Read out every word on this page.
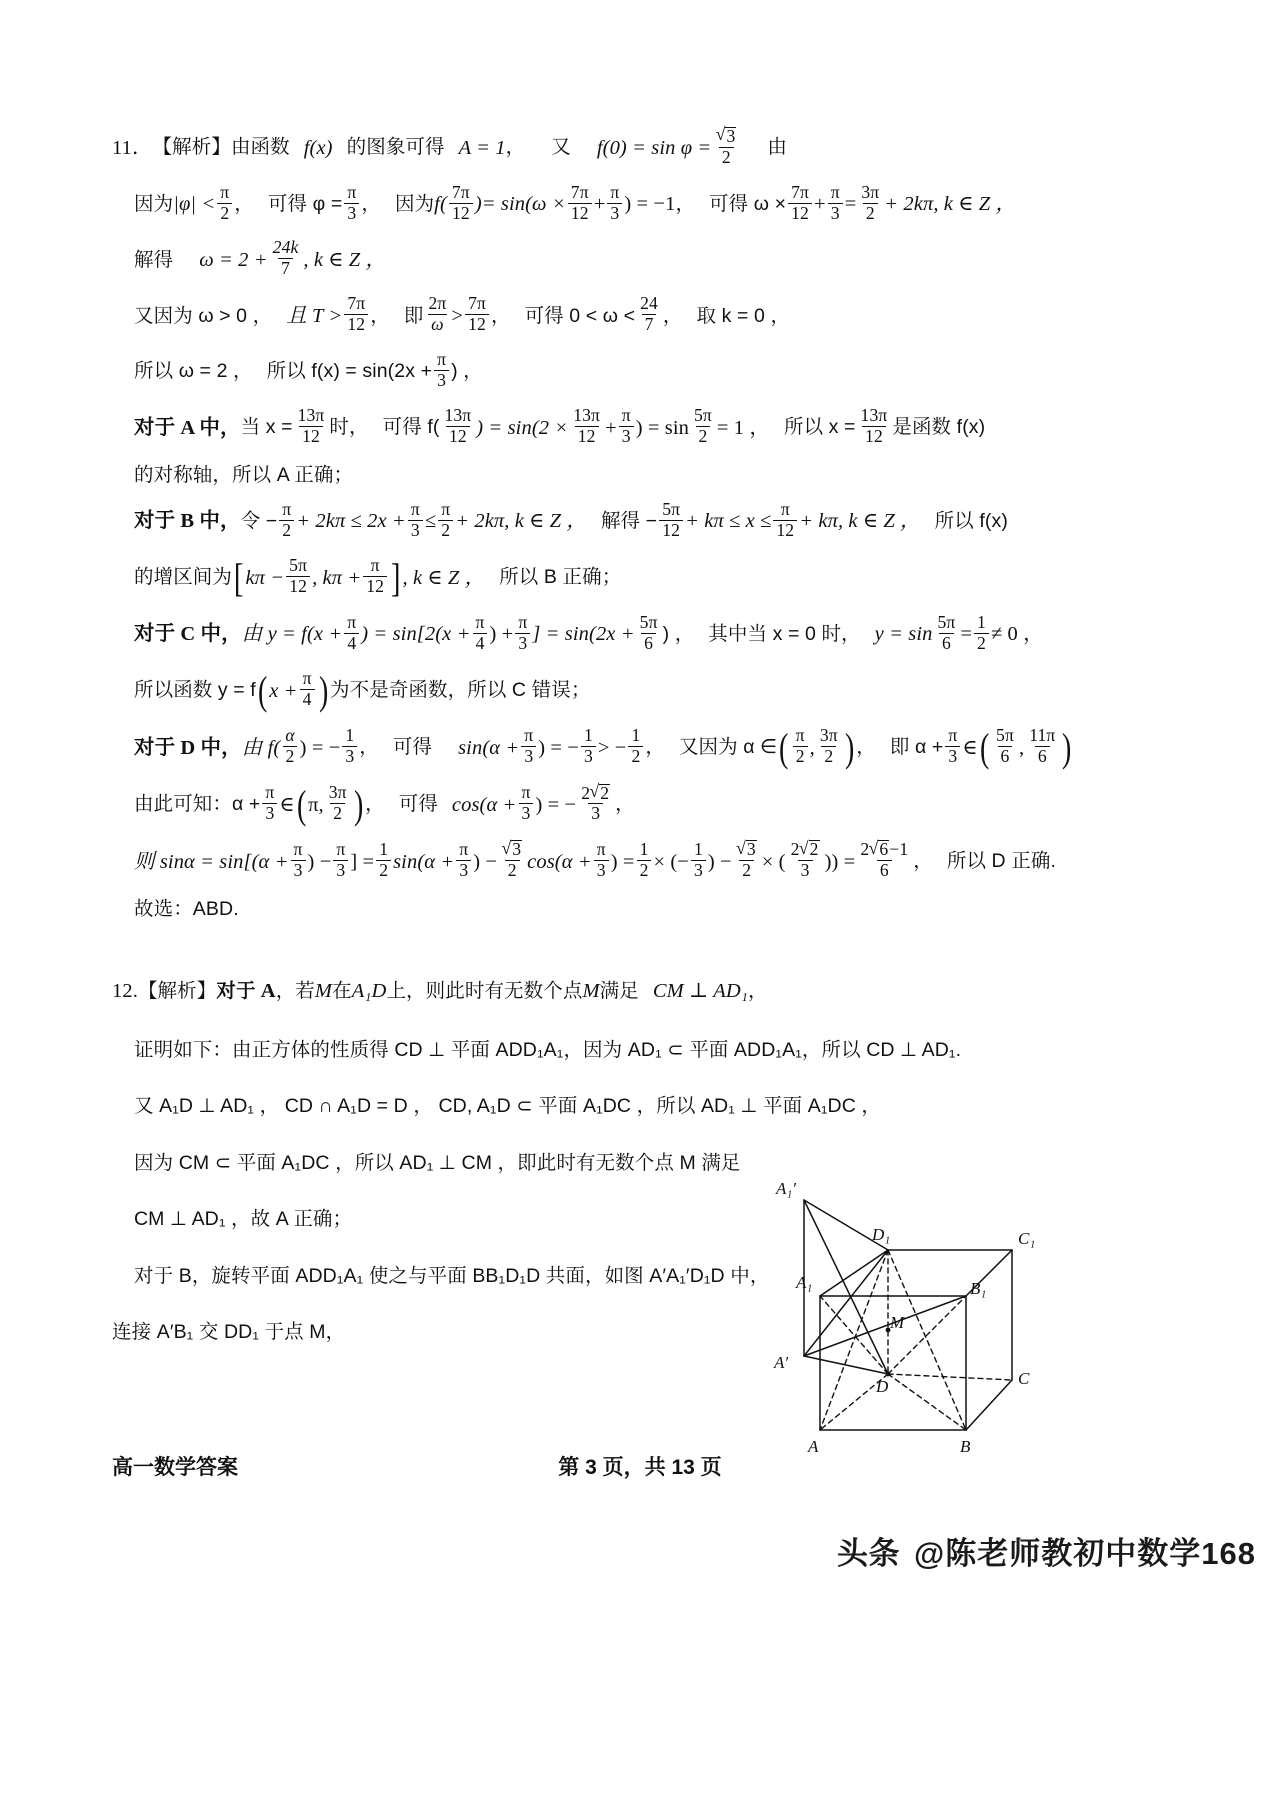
11． 【解析】 由函数 f(x) 的图象可得 A = 1 ， 又 f(0) = sin φ = √ $\frac{3}{2}$ 由
因为 $|\varphi| < \frac{\pi}{2}$ ， 可得 $\varphi = \frac{\pi}{3}$ ， 因为 $f( \frac{7\pi}{12}$ ) = $\sin(\omega \times \frac{7\pi}{12} + \frac{\pi}{3}$ ) = −1 ， 可得 $\omega \times \frac{7\pi}{12} + \frac{\pi}{3} = \frac{3\pi}{2} + 2k\pi$, k ∈ Z ，
解得 $\omega = 2 + \frac{24k}{7}$ , k ∈ Z ，
又因为 ω > 0 ， 且 $T > \frac{7\pi}{12}$ ， 即 $\frac{2\pi}{\omega} > \frac{7\pi}{12}$ ， 可得 $0 < \omega < \frac{24}{7}$ ， 取 k = 0 ，
所以 ω = 2 ， 所以 $f(x) = \sin(2x + \frac{\pi}{3}$ ) ，
对于 A 中， 当 $x = \frac{13\pi}{12}$ 时， 可得 $f( \frac{13\pi}{12}$ ) = $\sin(2 \times \frac{13\pi}{12} + \frac{\pi}{3}$ ) = $\sin \frac{5\pi}{2} = 1$ ， 所以 $x = \frac{13\pi}{12}$ 是函数 f(x)
的对称轴，所以 A 正确；
对于 B 中， 令 − $\frac{\pi}{2} + 2k\pi \le 2x + \frac{\pi}{3} \le \frac{\pi}{2} + 2k\pi$, k ∈ Z ， 解得 − $\frac{5\pi}{12} + k\pi \le x \le \frac{\pi}{12} + k\pi$, k ∈ Z ， 所以 f(x)
的增区间为 [ $k\pi - \frac{5\pi}{12}$ , $k\pi + \frac{\pi}{12}$
] , k ∈ Z ， 所以 B 正确；
对于 C 中， 由 $y = f(x + \frac{\pi}{4}$ ) = $\sin[2(x + \frac{\pi}{4}$ ) + $\frac{\pi}{3}$ ] = $\sin(2x + \frac{5\pi}{6}$ ) ， 其中当 x = 0 时， $y = \sin \frac{5\pi}{6} = \frac{1}{2} \ne 0$ ，
所以函数 y = f ( $x + \frac{\pi}{4}$
) 为不是奇函数，所以 C 错误；
对于 D 中， 由 $f( \frac{\alpha}{2}$ ) = − $\frac{1}{3}$ ， 可得 $\sin(\alpha + \frac{\pi}{3}$ ) = − $\frac{1}{3}$ > − $\frac{1}{2}$ ， 又因为 α ∈ ( $\frac{\pi}{2}$ , $\frac{3\pi}{2}$
) ， 即 $\alpha + \frac{\pi}{3}$ ∈ ( $\frac{5\pi}{6}$ , $\frac{11\pi}{6}$
)
由此可知：$\alpha + \frac{\pi}{3}$ ∈ ( π , $\frac{3\pi}{2}$
) ， 可得 $\cos(\alpha + \frac{\pi}{3}$ ) = − $\frac{2 √ 2}{3}$ ，
则 $\sin\alpha = \sin[(\alpha + \frac{\pi}{3}$ ) − $\frac{\pi}{3}$ ] = $\frac{1}{2} \sin(\alpha + \frac{\pi}{3}$ ) − √ $\frac{3}{2} \cos(\alpha + \frac{\pi}{3}$ ) = $\frac{1}{2}$ × (− $\frac{1}{3}$ ) − √ $\frac{3}{2}$ × ( $\frac{2 √ 2}{3}$ ) ) = $\frac{2 √ 6-1}{6}$ ， 所以 D 正确.
故选：ABD.
12. 【解析】 对于
A ，若 M 在 A₁D 上，则此时有无数个点 M 满足 CM ⊥ AD₁ ，
证明如下：由正方体的性质得 CD ⊥ 平面 ADD₁A₁，因为 AD₁ ⊂ 平面 ADD₁A₁，所以 CD ⊥ AD₁.
又 A₁D ⊥ AD₁ ， CD ∩ A₁D = D ， CD, A₁D ⊂ 平面 A₁DC ，所以 AD₁ ⊥ 平面 A₁DC ，
因为 CM ⊂ 平面 A₁DC ，所以 AD₁ ⊥ CM ，即此时有无数个点 M 满足
CM ⊥ AD₁ ，故 A 正确；
对于 B，旋转平面 ADD₁A₁ 使之与平面 BB₁D₁D 共面，如图 A′A₁′D₁D 中，
连接 A′B₁ 交 DD₁ 于点 M，
A₁′
A′
D₁	C₁
A₁	B₁
M
D	C
A	B
高一数学答案	第 3 页，共 13 页
头条 @陈老师教初中数学168
